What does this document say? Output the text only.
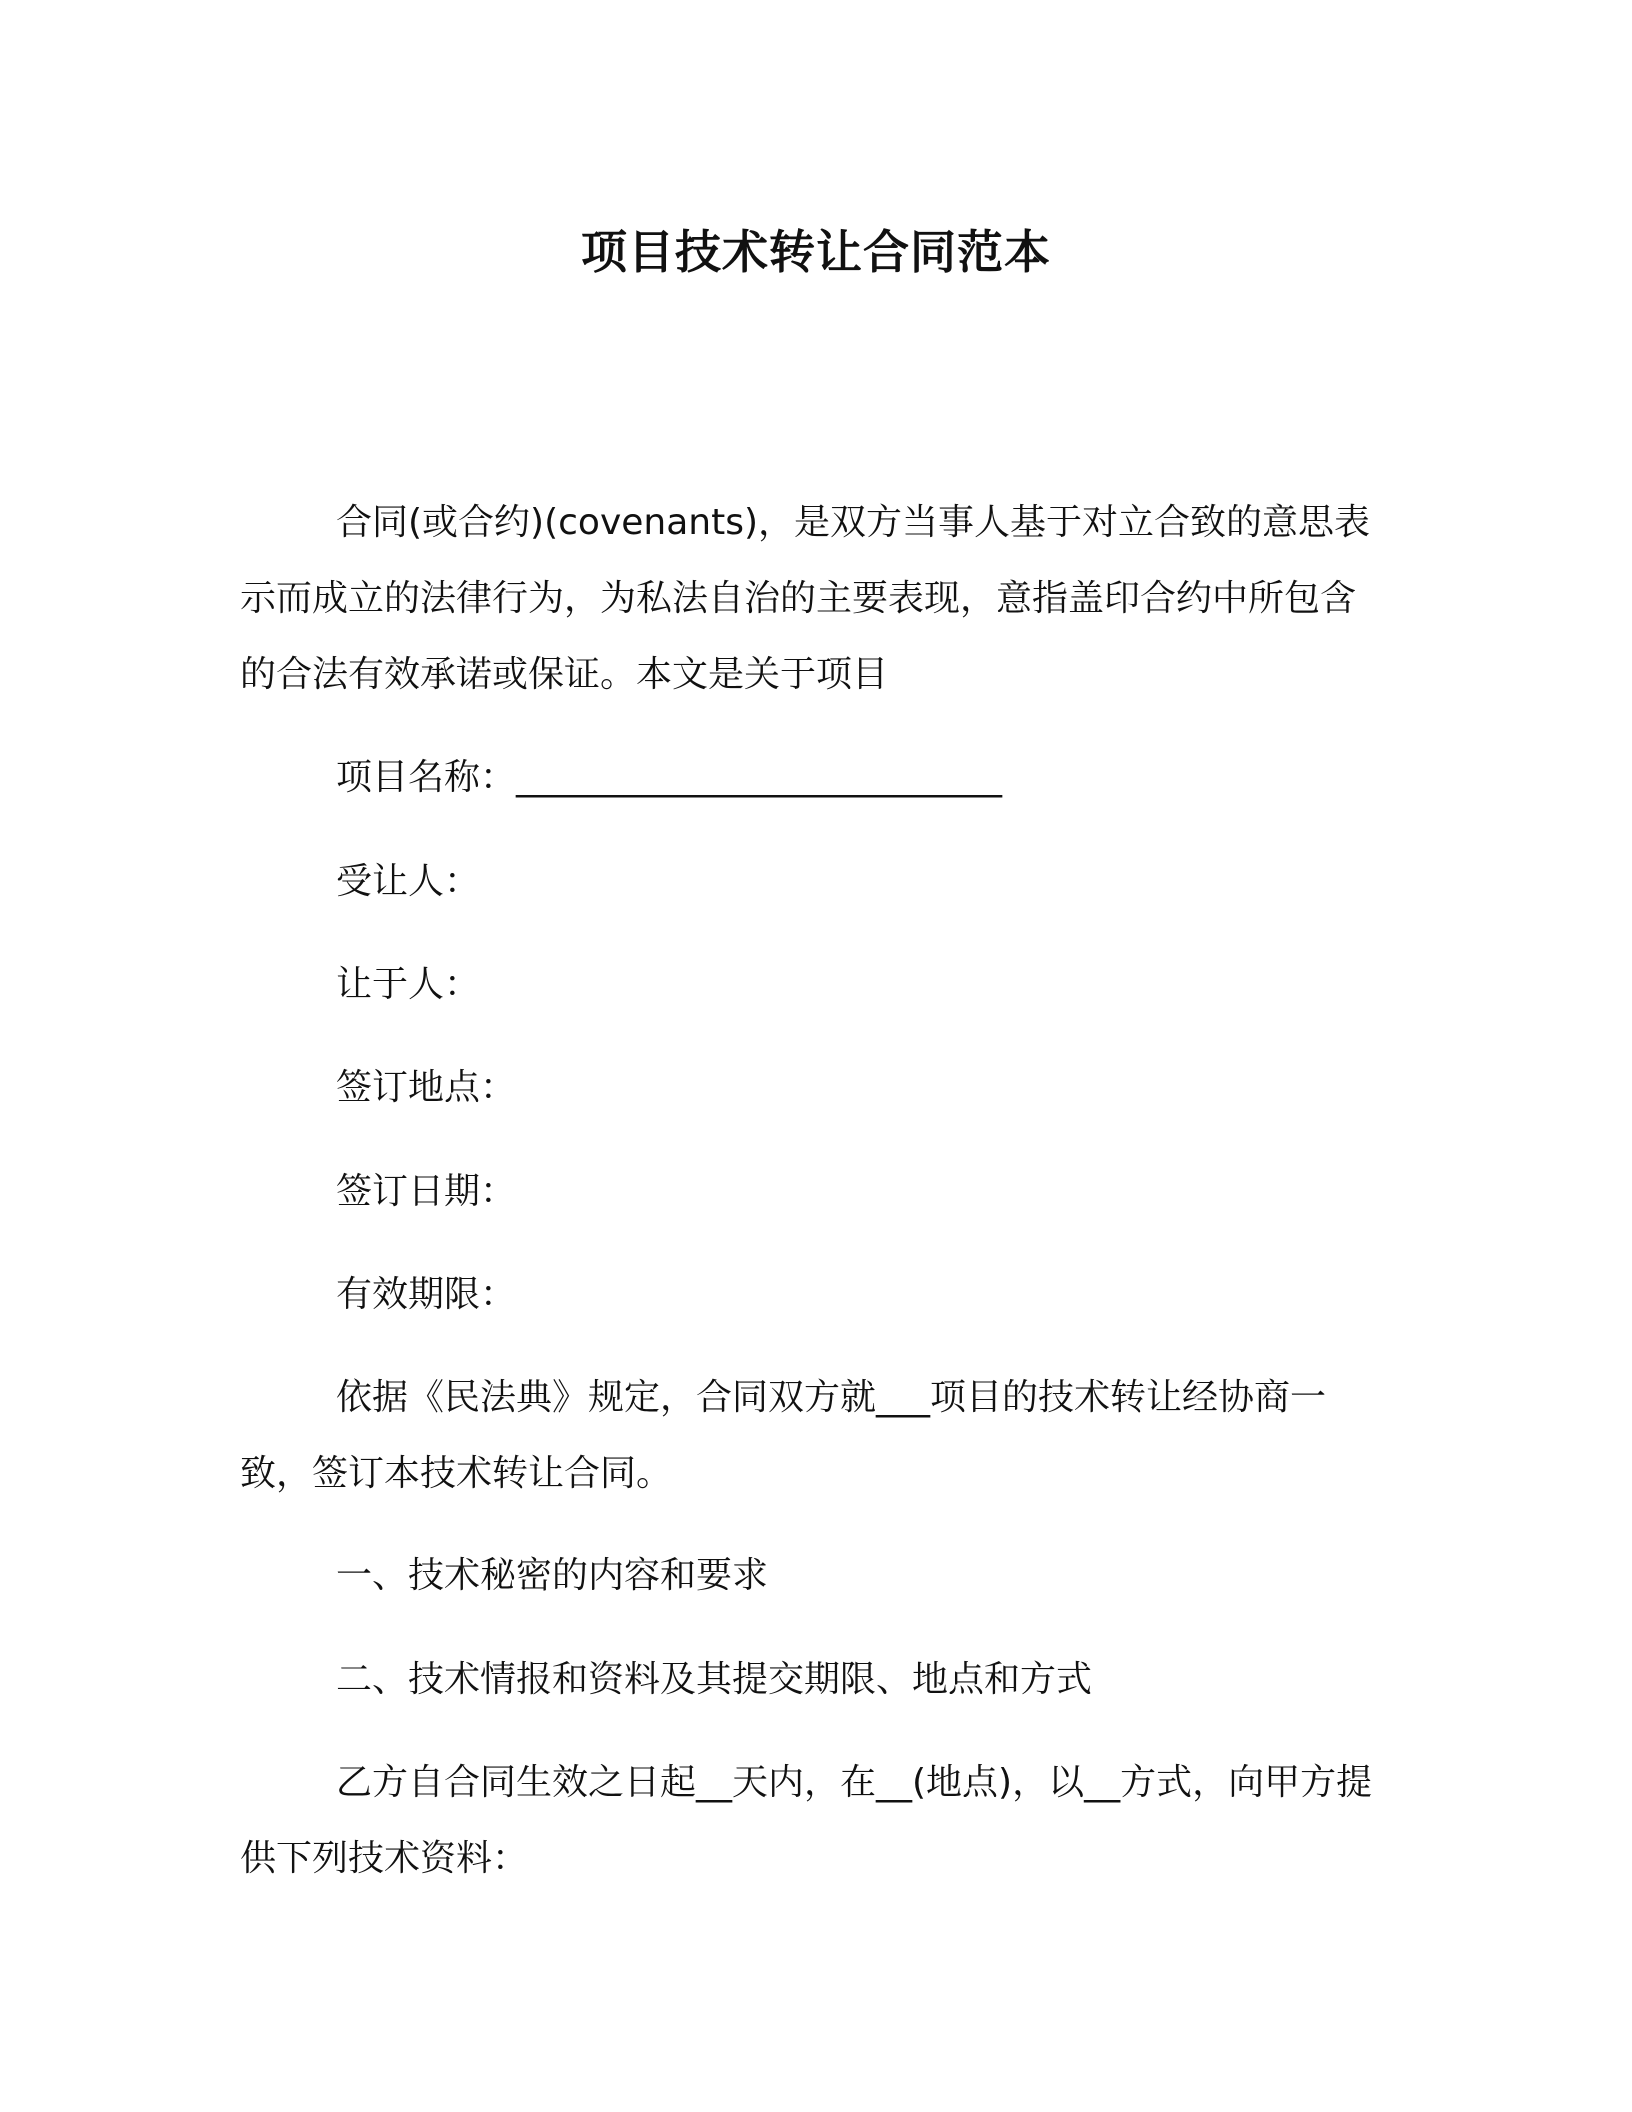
项目技术转让合同范本

合同(或合约)(covenants)，是双方当事人基于对立合致的意思表示而成立的法律行为，为私法自治的主要表现，意指盖印合约中所包含的合法有效承诺或保证。本文是关于项目

项目名称：___________________________
受让人：
让于人：
签订地点：
签订日期：
有效期限：

依据《民法典》规定，合同双方就___项目的技术转让经协商一致，签订本技术转让合同。

一、技术秘密的内容和要求
二、技术情报和资料及其提交期限、地点和方式

乙方自合同生效之日起__天内，在__(地点)，以__方式，向甲方提供下列技术资料：
